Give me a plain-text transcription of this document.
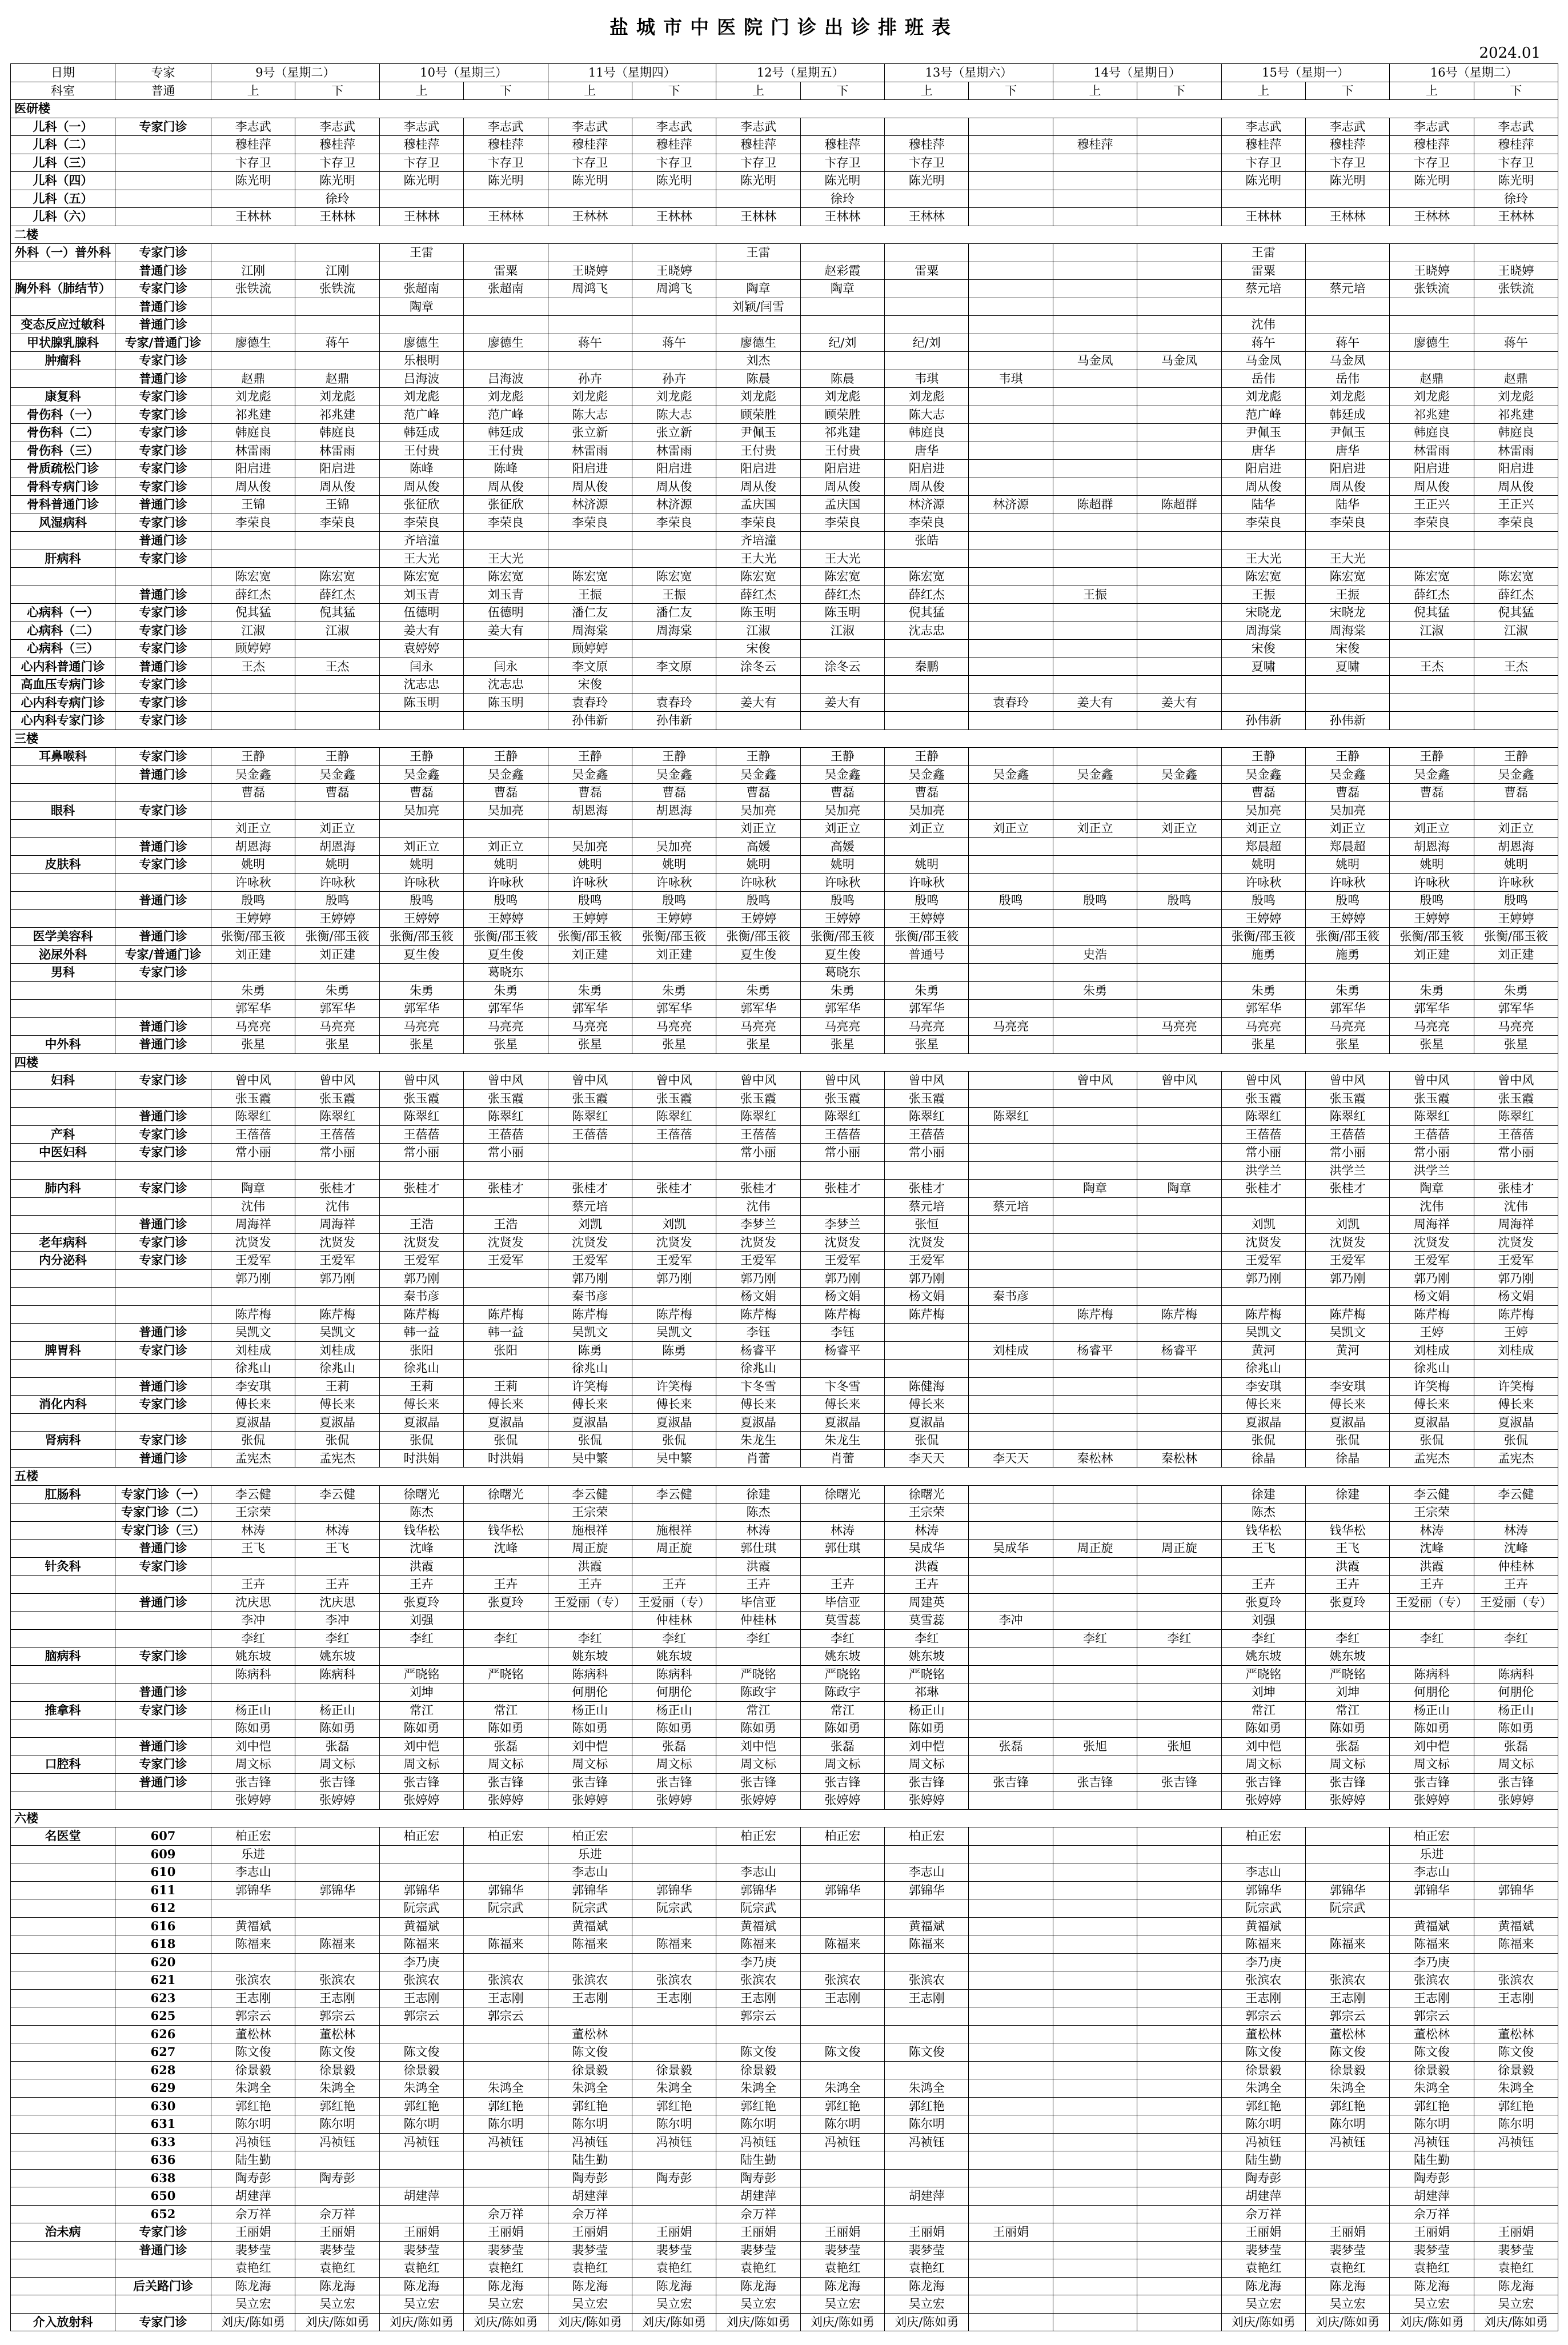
盐城市中医院门诊出诊排班表
2024.01
日期	专家	9号（星期二）		10号（星期三）		11号（星期四）		12号（星期五）		13号（星期六）		14号（星期日）		15号（星期一）		16号（星期二）	
科室	普通	上	下	上	下	上	下	上	下	上	下	上	下	上	下	上	下
医研楼																	
儿科（一）	专家门诊	李志武	李志武	李志武	李志武	李志武	李志武	李志武						李志武	李志武	李志武	李志武
儿科（二）		穆桂萍	穆桂萍	穆桂萍	穆桂萍	穆桂萍	穆桂萍	穆桂萍	穆桂萍	穆桂萍		穆桂萍		穆桂萍	穆桂萍	穆桂萍	穆桂萍
儿科（三）		卞存卫	卞存卫	卞存卫	卞存卫	卞存卫	卞存卫	卞存卫	卞存卫	卞存卫				卞存卫	卞存卫	卞存卫	卞存卫
儿科（四）		陈光明	陈光明	陈光明	陈光明	陈光明	陈光明	陈光明	陈光明	陈光明				陈光明	陈光明	陈光明	陈光明
儿科（五）			徐玲						徐玲								徐玲
儿科（六）		王林林	王林林	王林林	王林林	王林林	王林林	王林林	王林林	王林林				王林林	王林林	王林林	王林林
二楼																	
外科（一）普外科	专家门诊			王雷				王雷						王雷			
	普通门诊	江刚	江刚		雷粟	王晓婷	王晓婷		赵彩霞	雷粟				雷粟		王晓婷	王晓婷
胸外科（肺结节）	专家门诊	张铁流	张铁流	张超南	张超南	周鸿飞	周鸿飞	陶章	陶章					蔡元培	蔡元培	张铁流	张铁流
	普通门诊			陶章				刘颖/闫雪									
变态反应过敏科	普通门诊													沈伟			
甲状腺乳腺科	专家/普通门诊	廖德生	蒋午	廖德生	廖德生	蒋午	蒋午	廖德生	纪/刘	纪/刘				蒋午	蒋午	廖德生	蒋午
肿瘤科	专家门诊			乐根明				刘杰				马金凤	马金凤	马金凤	马金凤		
	普通门诊	赵鼎	赵鼎	吕海波	吕海波	孙卉	孙卉	陈晨	陈晨	韦琪	韦琪			岳伟	岳伟	赵鼎	赵鼎
康复科	专家门诊	刘龙彪	刘龙彪	刘龙彪	刘龙彪	刘龙彪	刘龙彪	刘龙彪	刘龙彪	刘龙彪				刘龙彪	刘龙彪	刘龙彪	刘龙彪
骨伤科（一）	专家门诊	祁兆建	祁兆建	范广峰	范广峰	陈大志	陈大志	顾荣胜	顾荣胜	陈大志				范广峰	韩廷成	祁兆建	祁兆建
骨伤科（二）	专家门诊	韩庭良	韩庭良	韩廷成	韩廷成	张立新	张立新	尹佩玉	祁兆建	韩庭良				尹佩玉	尹佩玉	韩庭良	韩庭良
骨伤科（三）	专家门诊	林雷雨	林雷雨	王付贵	王付贵	林雷雨	林雷雨	王付贵	王付贵	唐华				唐华	唐华	林雷雨	林雷雨
骨质疏松门诊	专家门诊	阳启进	阳启进	陈峰	陈峰	阳启进	阳启进	阳启进	阳启进	阳启进				阳启进	阳启进	阳启进	阳启进
骨科专病门诊	专家门诊	周从俊	周从俊	周从俊	周从俊	周从俊	周从俊	周从俊	周从俊	周从俊				周从俊	周从俊	周从俊	周从俊
骨科普通门诊	普通门诊	王锦	王锦	张征欣	张征欣	林济源	林济源	孟庆国	孟庆国	林济源	林济源	陈超群	陈超群	陆华	陆华	王正兴	王正兴
风湿病科	专家门诊	李荣良	李荣良	李荣良	李荣良	李荣良	李荣良	李荣良	李荣良	李荣良				李荣良	李荣良	李荣良	李荣良
	普通门诊			齐培潼				齐培潼		张皓							
肝病科	专家门诊			王大光	王大光			王大光	王大光					王大光	王大光		
		陈宏宽	陈宏宽	陈宏宽	陈宏宽	陈宏宽	陈宏宽	陈宏宽	陈宏宽	陈宏宽				陈宏宽	陈宏宽	陈宏宽	陈宏宽
	普通门诊	薛红杰	薛红杰	刘玉青	刘玉青	王振	王振	薛红杰	薛红杰	薛红杰		王振		王振	王振	薛红杰	薛红杰
心病科（一）	专家门诊	倪其猛	倪其猛	伍德明	伍德明	潘仁友	潘仁友	陈玉明	陈玉明	倪其猛				宋晓龙	宋晓龙	倪其猛	倪其猛
心病科（二）	专家门诊	江淑	江淑	姜大有	姜大有	周海棠	周海棠	江淑	江淑	沈志忠				周海棠	周海棠	江淑	江淑
心病科（三）	专家门诊	顾婷婷		袁婷婷		顾婷婷		宋俊						宋俊	宋俊		
心内科普通门诊	普通门诊	王杰	王杰	闫永	闫永	李文原	李文原	涂冬云	涂冬云	秦鹏				夏啸	夏啸	王杰	王杰
高血压专病门诊	专家门诊			沈志忠	沈志忠	宋俊											
心内科专病门诊	专家门诊			陈玉明	陈玉明	袁春玲	袁春玲	姜大有	姜大有		袁春玲	姜大有	姜大有				
心内科专家门诊	专家门诊					孙伟新	孙伟新							孙伟新	孙伟新		
三楼																	
耳鼻喉科	专家门诊	王静	王静	王静	王静	王静	王静	王静	王静	王静				王静	王静	王静	王静
	普通门诊	吴金鑫	吴金鑫	吴金鑫	吴金鑫	吴金鑫	吴金鑫	吴金鑫	吴金鑫	吴金鑫	吴金鑫	吴金鑫	吴金鑫	吴金鑫	吴金鑫	吴金鑫	吴金鑫
		曹磊	曹磊	曹磊	曹磊	曹磊	曹磊	曹磊	曹磊	曹磊				曹磊	曹磊	曹磊	曹磊
眼科	专家门诊			吴加亮	吴加亮	胡恩海	胡恩海	吴加亮	吴加亮	吴加亮				吴加亮	吴加亮		
		刘正立	刘正立					刘正立	刘正立	刘正立	刘正立	刘正立	刘正立	刘正立	刘正立	刘正立	刘正立
	普通门诊	胡恩海	胡恩海	刘正立	刘正立	吴加亮	吴加亮	高媛	高媛					郑晨超	郑晨超	胡恩海	胡恩海
皮肤科	专家门诊	姚明	姚明	姚明	姚明	姚明	姚明	姚明	姚明	姚明				姚明	姚明	姚明	姚明
		许咏秋	许咏秋	许咏秋	许咏秋	许咏秋	许咏秋	许咏秋	许咏秋	许咏秋				许咏秋	许咏秋	许咏秋	许咏秋
	普通门诊	殷鸣	殷鸣	殷鸣	殷鸣	殷鸣	殷鸣	殷鸣	殷鸣	殷鸣	殷鸣	殷鸣	殷鸣	殷鸣	殷鸣	殷鸣	殷鸣
		王婷婷	王婷婷	王婷婷	王婷婷	王婷婷	王婷婷	王婷婷	王婷婷	王婷婷				王婷婷	王婷婷	王婷婷	王婷婷
医学美容科	普通门诊	张衡/邵玉筱	张衡/邵玉筱	张衡/邵玉筱	张衡/邵玉筱	张衡/邵玉筱	张衡/邵玉筱	张衡/邵玉筱	张衡/邵玉筱	张衡/邵玉筱				张衡/邵玉筱	张衡/邵玉筱	张衡/邵玉筱	张衡/邵玉筱
泌尿外科	专家/普通门诊	刘正建	刘正建	夏生俊	夏生俊	刘正建	刘正建	夏生俊	夏生俊	普通号		史浩		施勇	施勇	刘正建	刘正建
男科	专家门诊				葛晓东				葛晓东								
		朱勇	朱勇	朱勇	朱勇	朱勇	朱勇	朱勇	朱勇	朱勇		朱勇		朱勇	朱勇	朱勇	朱勇
		郭军华	郭军华	郭军华	郭军华	郭军华	郭军华	郭军华	郭军华	郭军华				郭军华	郭军华	郭军华	郭军华
	普通门诊	马亮亮	马亮亮	马亮亮	马亮亮	马亮亮	马亮亮	马亮亮	马亮亮	马亮亮	马亮亮		马亮亮	马亮亮	马亮亮	马亮亮	马亮亮
中外科	普通门诊	张星	张星	张星	张星	张星	张星	张星	张星	张星				张星	张星	张星	张星
四楼																	
妇科	专家门诊	曾中风	曾中风	曾中风	曾中风	曾中风	曾中风	曾中风	曾中风	曾中风		曾中风	曾中风	曾中风	曾中风	曾中风	曾中风
		张玉霞	张玉霞	张玉霞	张玉霞	张玉霞	张玉霞	张玉霞	张玉霞	张玉霞				张玉霞	张玉霞	张玉霞	张玉霞
	普通门诊	陈翠红	陈翠红	陈翠红	陈翠红	陈翠红	陈翠红	陈翠红	陈翠红	陈翠红	陈翠红			陈翠红	陈翠红	陈翠红	陈翠红
产科	专家门诊	王蓓蓓	王蓓蓓	王蓓蓓	王蓓蓓	王蓓蓓	王蓓蓓	王蓓蓓	王蓓蓓	王蓓蓓				王蓓蓓	王蓓蓓	王蓓蓓	王蓓蓓
中医妇科	专家门诊	常小丽	常小丽	常小丽	常小丽			常小丽	常小丽	常小丽				常小丽	常小丽	常小丽	常小丽
														洪学兰	洪学兰	洪学兰	
肺内科	专家门诊	陶章	张桂才	张桂才	张桂才	张桂才	张桂才	张桂才	张桂才	张桂才		陶章	陶章	张桂才	张桂才	陶章	张桂才
		沈伟	沈伟			蔡元培		沈伟		蔡元培	蔡元培					沈伟	沈伟
	普通门诊	周海祥	周海祥	王浩	王浩	刘凯	刘凯	李梦兰	李梦兰	张恒				刘凯	刘凯	周海祥	周海祥
老年病科	专家门诊	沈贤发	沈贤发	沈贤发	沈贤发	沈贤发	沈贤发	沈贤发	沈贤发	沈贤发				沈贤发	沈贤发	沈贤发	沈贤发
内分泌科	专家门诊	王爱军	王爱军	王爱军	王爱军	王爱军	王爱军	王爱军	王爱军	王爱军				王爱军	王爱军	王爱军	王爱军
		郭乃刚	郭乃刚	郭乃刚		郭乃刚	郭乃刚	郭乃刚	郭乃刚	郭乃刚				郭乃刚	郭乃刚	郭乃刚	郭乃刚
				秦书彦		秦书彦		杨文娟	杨文娟	杨文娟	秦书彦					杨文娟	杨文娟
		陈芹梅	陈芹梅	陈芹梅	陈芹梅	陈芹梅	陈芹梅	陈芹梅	陈芹梅	陈芹梅		陈芹梅	陈芹梅	陈芹梅	陈芹梅	陈芹梅	陈芹梅
	普通门诊	吴凯文	吴凯文	韩一益	韩一益	吴凯文	吴凯文	李钰	李钰					吴凯文	吴凯文	王婷	王婷
脾胃科	专家门诊	刘桂成	刘桂成	张阳	张阳	陈勇	陈勇	杨睿平	杨睿平		刘桂成	杨睿平	杨睿平	黄河	黄河	刘桂成	刘桂成
		徐兆山	徐兆山	徐兆山		徐兆山		徐兆山						徐兆山		徐兆山	
	普通门诊	李安琪	王莉	王莉	王莉	许笑梅	许笑梅	卞冬雪	卞冬雪	陈健海				李安琪	李安琪	许笑梅	许笑梅
消化内科	专家门诊	傅长来	傅长来	傅长来	傅长来	傅长来	傅长来	傅长来	傅长来	傅长来				傅长来	傅长来	傅长来	傅长来
		夏淑晶	夏淑晶	夏淑晶	夏淑晶	夏淑晶	夏淑晶	夏淑晶	夏淑晶	夏淑晶				夏淑晶	夏淑晶	夏淑晶	夏淑晶
肾病科	专家门诊	张侃	张侃	张侃	张侃	张侃	张侃	朱龙生	朱龙生	张侃				张侃	张侃	张侃	张侃
	普通门诊	孟宪杰	孟宪杰	时洪娟	时洪娟	吴中繁	吴中繁	肖蕾	肖蕾	李天天	李天天	秦松林	秦松林	徐晶	徐晶	孟宪杰	孟宪杰
五楼																	
肛肠科	专家门诊（一）	李云健	李云健	徐曙光	徐曙光	李云健	李云健	徐建	徐曙光	徐曙光				徐建	徐建	李云健	李云健
	专家门诊（二）	王宗荣		陈杰		王宗荣		陈杰		王宗荣				陈杰		王宗荣	
	专家门诊（三）	林涛	林涛	钱华松	钱华松	施根祥	施根祥	林涛	林涛	林涛				钱华松	钱华松	林涛	林涛
	普通门诊	王飞	王飞	沈峰	沈峰	周正旋	周正旋	郭仕琪	郭仕琪	吴成华	吴成华	周正旋	周正旋	王飞	王飞	沈峰	沈峰
针灸科	专家门诊			洪霞		洪霞		洪霞		洪霞					洪霞	洪霞	仲桂林
		王卉	王卉	王卉	王卉	王卉	王卉	王卉	王卉	王卉				王卉	王卉	王卉	王卉
	普通门诊	沈庆思	沈庆思	张夏玲	张夏玲	王爱丽（专）	王爱丽（专）	毕信亚	毕信亚	周建英				张夏玲	张夏玲	王爱丽（专）	王爱丽（专）
		李冲	李冲	刘强			仲桂林	仲桂林	莫雪蕊	莫雪蕊	李冲			刘强			
		李红	李红	李红	李红	李红	李红	李红	李红	李红		李红	李红	李红	李红	李红	李红
脑病科	专家门诊	姚东坡	姚东坡			姚东坡	姚东坡		姚东坡	姚东坡				姚东坡	姚东坡		
		陈病科	陈病科	严晓铭	严晓铭	陈病科	陈病科	严晓铭	严晓铭	严晓铭				严晓铭	严晓铭	陈病科	陈病科
	普通门诊			刘坤		何朋伦	何朋伦	陈政宇	陈政宇	祁琳				刘坤	刘坤	何朋伦	何朋伦
推拿科	专家门诊	杨正山	杨正山	常江	常江	杨正山	杨正山	常江	常江	杨正山				常江	常江	杨正山	杨正山
		陈如勇	陈如勇	陈如勇	陈如勇	陈如勇	陈如勇	陈如勇	陈如勇	陈如勇				陈如勇	陈如勇	陈如勇	陈如勇
	普通门诊	刘中恺	张磊	刘中恺	张磊	刘中恺	张磊	刘中恺	张磊	刘中恺	张磊	张旭	张旭	刘中恺	张磊	刘中恺	张磊
口腔科	专家门诊	周文标	周文标	周文标	周文标	周文标	周文标	周文标	周文标	周文标				周文标	周文标	周文标	周文标
	普通门诊	张吉锋	张吉锋	张吉锋	张吉锋	张吉锋	张吉锋	张吉锋	张吉锋	张吉锋	张吉锋	张吉锋	张吉锋	张吉锋	张吉锋	张吉锋	张吉锋
		张婷婷	张婷婷	张婷婷	张婷婷	张婷婷	张婷婷	张婷婷	张婷婷	张婷婷				张婷婷	张婷婷	张婷婷	张婷婷
六楼																	
名医堂	607	柏正宏		柏正宏	柏正宏	柏正宏		柏正宏	柏正宏	柏正宏				柏正宏		柏正宏	
	609	乐进				乐进										乐进	
	610	李志山				李志山		李志山		李志山				李志山		李志山	
	611	郭锦华	郭锦华	郭锦华	郭锦华	郭锦华	郭锦华	郭锦华	郭锦华	郭锦华				郭锦华	郭锦华	郭锦华	郭锦华
	612			阮宗武	阮宗武	阮宗武	阮宗武	阮宗武						阮宗武	阮宗武		
	616	黄福斌		黄福斌		黄福斌		黄福斌		黄福斌				黄福斌		黄福斌	黄福斌
	618	陈福来	陈福来	陈福来	陈福来	陈福来	陈福来	陈福来	陈福来	陈福来				陈福来	陈福来	陈福来	陈福来
	620			李乃庚				李乃庚						李乃庚		李乃庚	
	621	张滨农	张滨农	张滨农	张滨农	张滨农	张滨农	张滨农	张滨农	张滨农				张滨农	张滨农	张滨农	张滨农
	623	王志刚	王志刚	王志刚	王志刚	王志刚	王志刚	王志刚	王志刚	王志刚				王志刚	王志刚	王志刚	王志刚
	625	郭宗云	郭宗云	郭宗云	郭宗云			郭宗云						郭宗云	郭宗云	郭宗云	
	626	董松林	董松林			董松林								董松林	董松林	董松林	董松林
	627	陈文俊	陈文俊	陈文俊		陈文俊		陈文俊	陈文俊	陈文俊				陈文俊	陈文俊	陈文俊	陈文俊
	628	徐景毅	徐景毅	徐景毅		徐景毅	徐景毅	徐景毅						徐景毅	徐景毅	徐景毅	徐景毅
	629	朱鸿全	朱鸿全	朱鸿全	朱鸿全	朱鸿全	朱鸿全	朱鸿全	朱鸿全	朱鸿全				朱鸿全	朱鸿全	朱鸿全	朱鸿全
	630	郭红艳	郭红艳	郭红艳	郭红艳	郭红艳	郭红艳	郭红艳	郭红艳	郭红艳				郭红艳	郭红艳	郭红艳	郭红艳
	631	陈尔明	陈尔明	陈尔明	陈尔明	陈尔明	陈尔明	陈尔明	陈尔明	陈尔明				陈尔明	陈尔明	陈尔明	陈尔明
	633	冯祯钰	冯祯钰	冯祯钰	冯祯钰	冯祯钰	冯祯钰	冯祯钰	冯祯钰	冯祯钰				冯祯钰	冯祯钰	冯祯钰	冯祯钰
	636	陆生勤				陆生勤		陆生勤						陆生勤		陆生勤	
	638	陶寿彭	陶寿彭			陶寿彭	陶寿彭	陶寿彭						陶寿彭		陶寿彭	
	650	胡建萍		胡建萍		胡建萍		胡建萍		胡建萍				胡建萍		胡建萍	
	652	佘万祥	佘万祥		佘万祥	佘万祥		佘万祥						佘万祥		佘万祥	
治未病	专家门诊	王丽娟	王丽娟	王丽娟	王丽娟	王丽娟	王丽娟	王丽娟	王丽娟	王丽娟	王丽娟			王丽娟	王丽娟	王丽娟	王丽娟
	普通门诊	裴梦莹	裴梦莹	裴梦莹	裴梦莹	裴梦莹	裴梦莹	裴梦莹	裴梦莹	裴梦莹				裴梦莹	裴梦莹	裴梦莹	裴梦莹
		袁艳红	袁艳红	袁艳红	袁艳红	袁艳红	袁艳红	袁艳红	袁艳红	袁艳红				袁艳红	袁艳红	袁艳红	袁艳红
	后关路门诊	陈龙海	陈龙海	陈龙海	陈龙海	陈龙海	陈龙海	陈龙海	陈龙海	陈龙海				陈龙海	陈龙海	陈龙海	陈龙海
		吴立宏	吴立宏	吴立宏	吴立宏	吴立宏	吴立宏	吴立宏	吴立宏	吴立宏				吴立宏	吴立宏	吴立宏	吴立宏
介入放射科	专家门诊	刘庆/陈如勇	刘庆/陈如勇	刘庆/陈如勇	刘庆/陈如勇	刘庆/陈如勇	刘庆/陈如勇	刘庆/陈如勇	刘庆/陈如勇	刘庆/陈如勇				刘庆/陈如勇	刘庆/陈如勇	刘庆/陈如勇	刘庆/陈如勇
